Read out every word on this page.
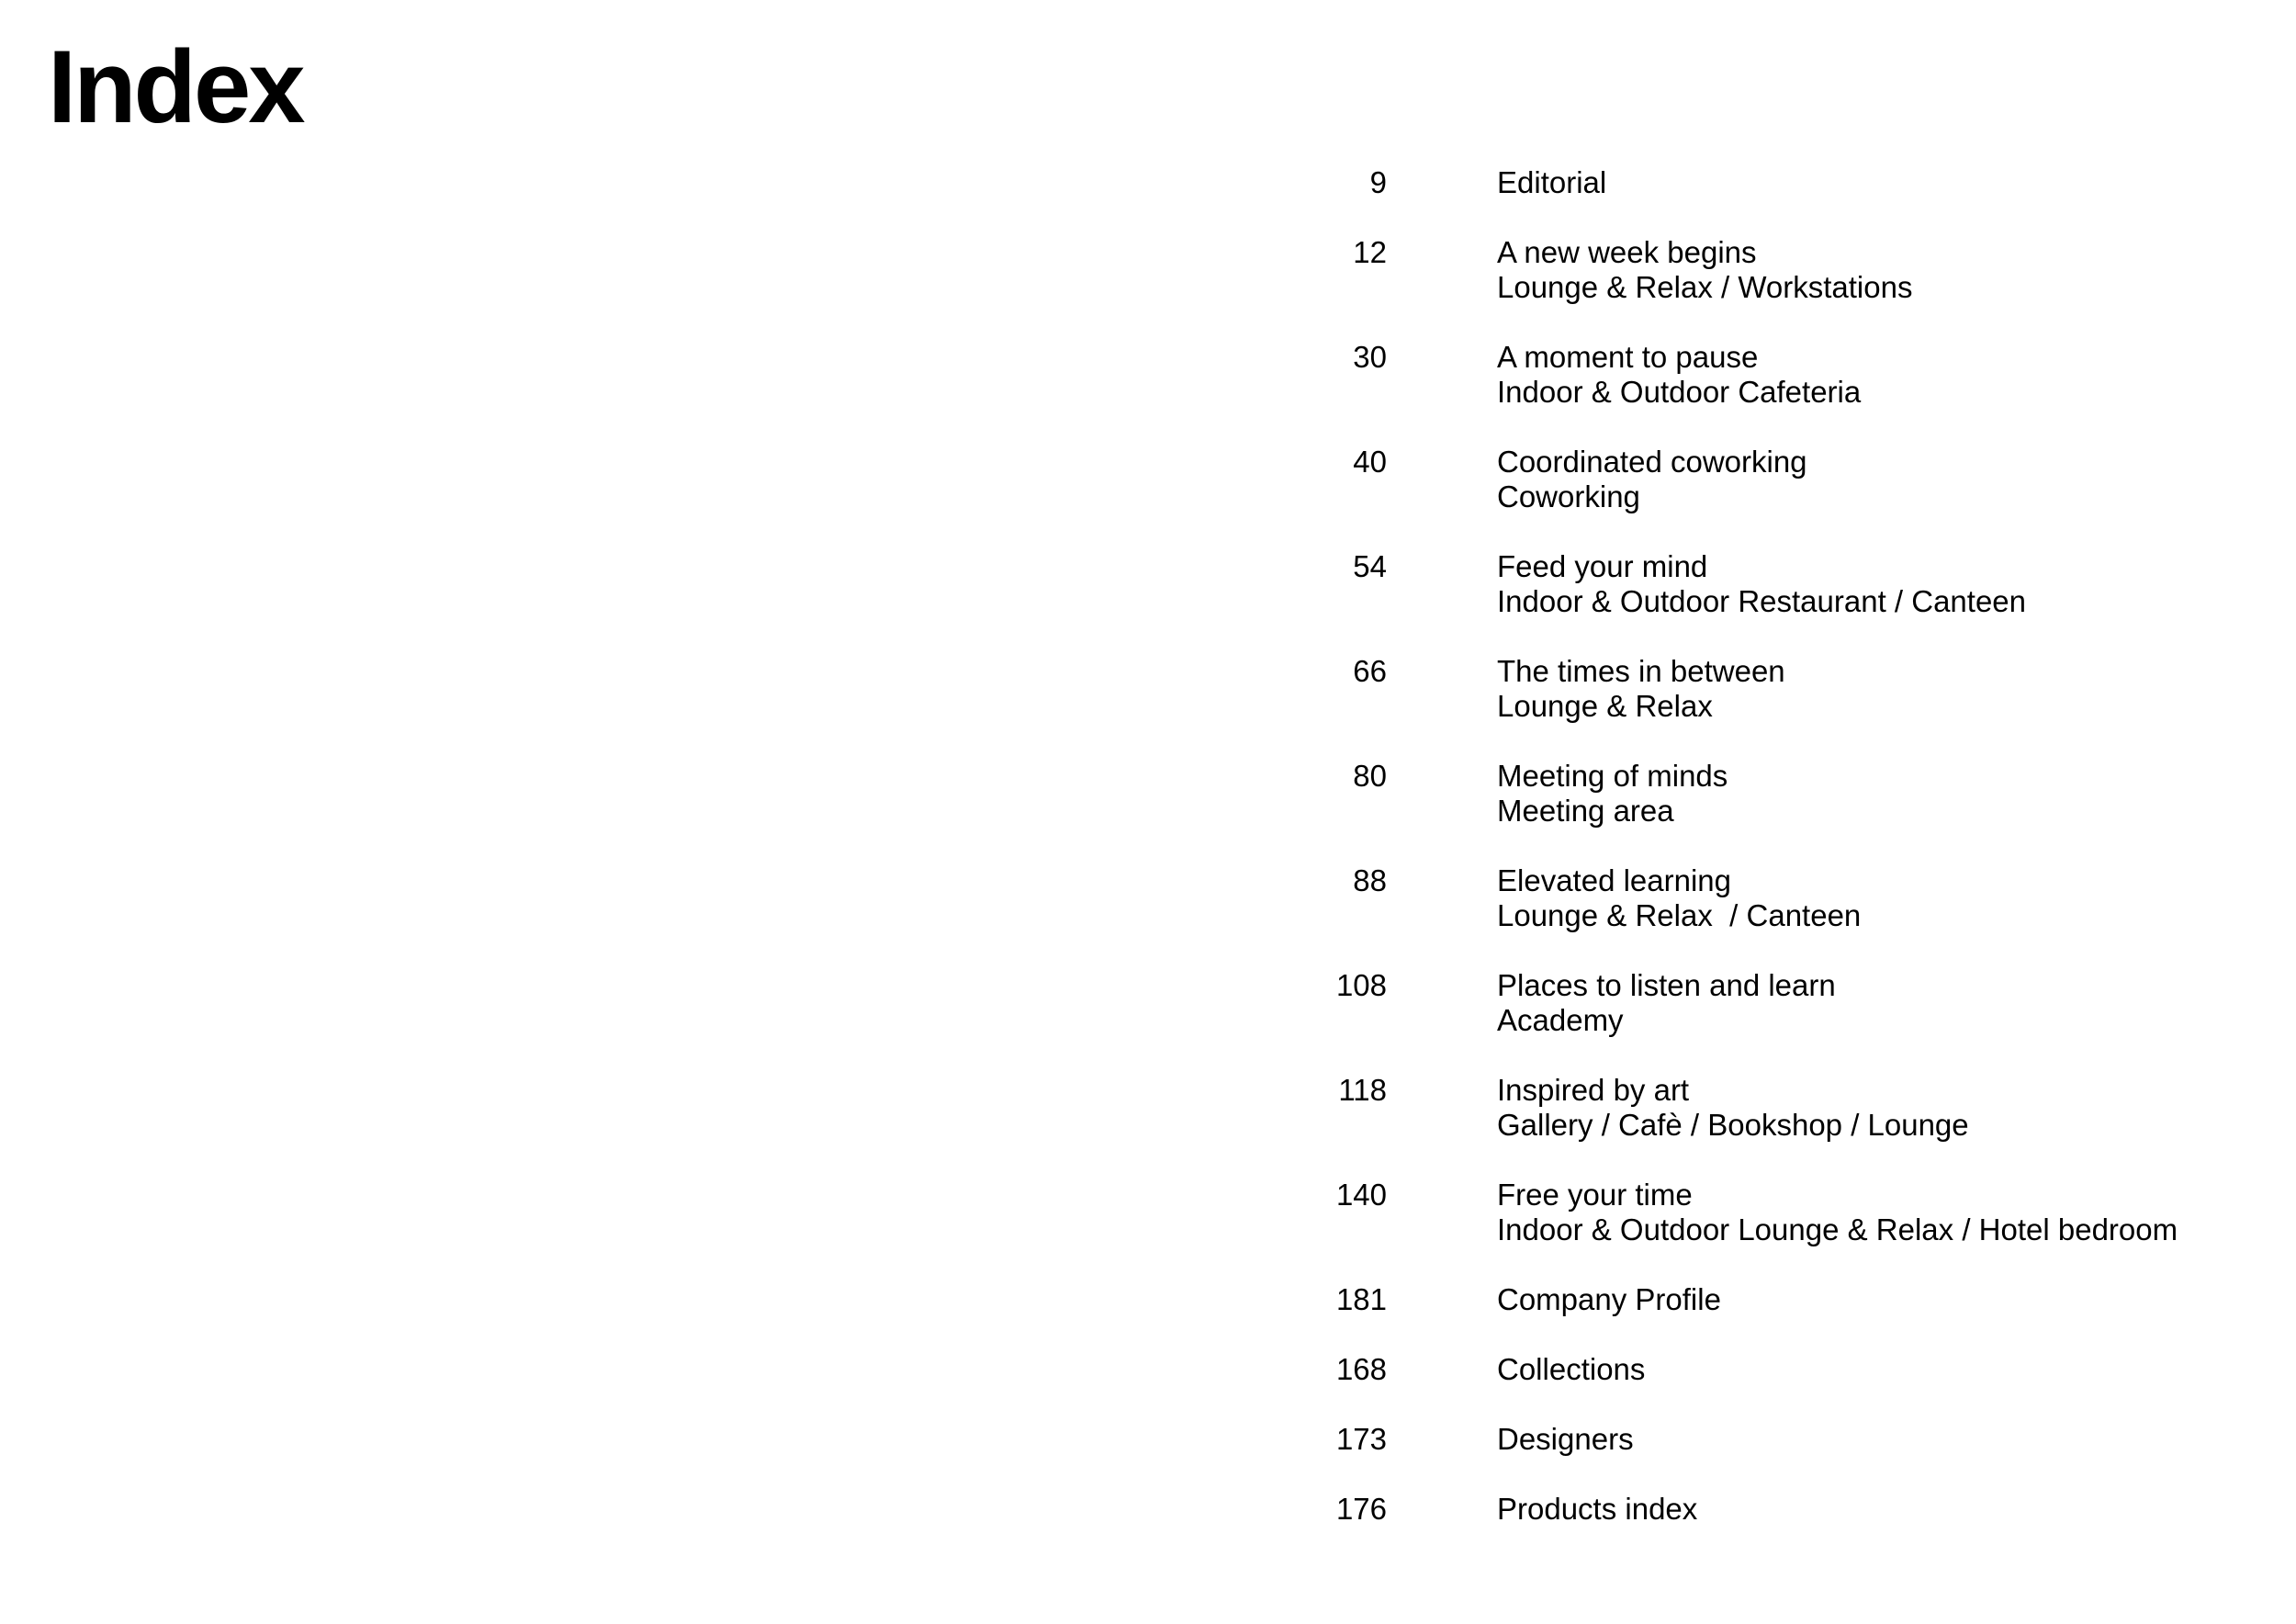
Index
9	Editorial
12	A new week begins
Lounge & Relax / Workstations
30	A moment to pause
Indoor & Outdoor Cafeteria
40	Coordinated coworking
Coworking
54	Feed your mind
Indoor & Outdoor Restaurant / Canteen
66	The times in between
Lounge & Relax
80	Meeting of minds
Meeting area
88	Elevated learning
Lounge & Relax  / Canteen
108	Places to listen and learn
Academy
118	Inspired by art
Gallery / Cafè / Bookshop / Lounge
140	Free your time
Indoor & Outdoor Lounge & Relax / Hotel bedroom
181	Company Profile
168	Collections
173	Designers
176	Products index
